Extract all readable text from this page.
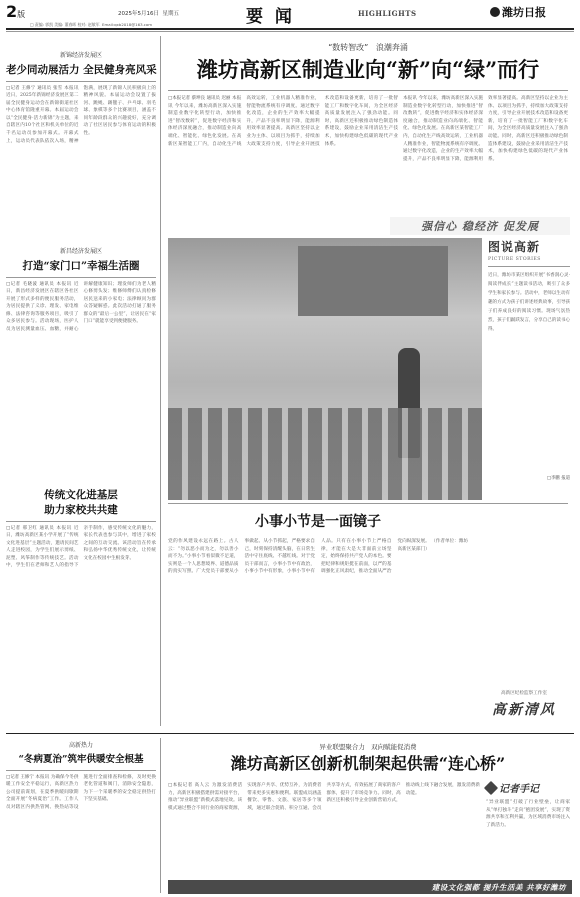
2版	2025年5月16日 星期五	要 闻	HIGHLIGHTS	潍坊日报
□ 责编: 郭凯 美编: 董春晖 校对: 赵敏军 Email:qxb2018@163.com
新锦经济发展区
老少同动展活力 全民健身亮风采
□记者 王修宁 通讯员 张雪 本报讯 近日，2025年新锦经济发展区第二届全民健身运动会在新锦街道社区中心体育馆隆重开幕。本届运动会以“全民健身·活力新锦”为主题，来自辖区内10个社区和机关单位的近千名运动员参加开幕式。开幕式上，运动员代表队依次入场，精神饱满，展现了新锦人民积极向上的精神风貌。本届运动会设置了拔河、跳绳、踢毽子、乒乓球、羽毛球、象棋等多个比赛项目，涵盖不同年龄段群众的兴趣爱好，充分调动了社区居民参与体育运动的积极性。
新昌经济发展区
打造“家门口”幸福生活圈
□记者 毛晓波 通讯员 本报讯 近日，新昌经济发展区在辖区各社区开展了形式多样的便民服务活动，为居民提供了义诊、理发、家电维修、法律咨询等服务项目，吸引了众多居民参与。活动现场，医护人员为居民测量血压、血糖，并耐心讲解健康知识；理发师们为老人精心修剪头发；维修师傅们认真检修居民送来的小家电；法律顾问为群众答疑解惑。此次活动打通了服务群众的“最后一公里”，让居民在“家门口”就能享受到便捷服务。
传统文化进基层
助力家校共共建
□记者 邢卫红 通讯员 本报讯 近日，潍坊高新区某小学开展了“传统文化进基层”主题活动，邀请民间艺人走进校园，为学生们展示剪纸、泥塑、风筝制作等传统技艺。活动中，学生们在老师和艺人的指导下亲手制作，感受传统文化的魅力，家长代表也参与其中，增进了家校之间的互动交流。该活动旨在传承和弘扬中华优秀传统文化，让传统文化在校园中生根发芽。
“数转智改” 浪潮奔涌
潍坊高新区制造业向“新”向“绿”而行
□本报记者 蔡坤良 通讯员 迟丽 本报讯 今年以来，潍坊高新区深入实施制造业数字化转型行动，加快推进“智改数转”，促进数字经济和实体经济深度融合，推动制造业向高端化、智能化、绿色化发展。在高新区某智能工厂内，自动化生产线高效运转，工业机器人精准作业，智能物流系统有序调度。通过数字化改造，企业的生产效率大幅提升，产品不良率明显下降，能源利用效率显著提高。高新区坚持以企业为主体、以项目为抓手，持续加大政策支持力度，引导企业开展技术改造和设备更新，培育了一批智能工厂和数字化车间，为全区经济高质量发展注入了强劲动能。同时，高新区还积极推动绿色制造体系建设，鼓励企业采用清洁生产技术，加快构建绿色低碳的现代产业体系。
本报讯 今年以来，潍坊高新区深入实施制造业数字化转型行动，加快推进“智改数转”，促进数字经济和实体经济深度融合，推动制造业向高端化、智能化、绿色化发展。在高新区某智能工厂内，自动化生产线高效运转，工业机器人精准作业，智能物流系统有序调度。通过数字化改造，企业的生产效率大幅提升，产品不良率明显下降，能源利用效率显著提高。高新区坚持以企业为主体、以项目为抓手，持续加大政策支持力度，引导企业开展技术改造和设备更新，培育了一批智能工厂和数字化车间，为全区经济高质量发展注入了强劲动能。同时，高新区还积极推动绿色制造体系建设，鼓励企业采用清洁生产技术，加快构建绿色低碳的现代产业体系。
强信心 稳经济 促发展
图说高新
PICTURE STORIES
近日，潍坊市某区组织开展“书香润心灵·阅读伴成长”主题读书活动，吸引了众多学生和家长参与。活动中，老师以生动有趣的方式为孩子们讲述经典故事，引导孩子们养成良好的阅读习惯。现场气氛热烈，孩子们踊跃发言，分享自己的读书心得。
□李鹏 报道
小事小节是一面镜子
党的作风建设永远在路上。古人云：“勿以恶小而为之，勿以善小而不为。”小事小节看似微不足道，实则是一个人思想境界、道德品质的真实写照。广大党员干部要从小事做起、从小节抓起，严格要求自己，时刻保持清醒头脑，在日常生活中守住底线、不越红线。对于党员干部而言，小事小节中有政治，小事小节中有形象，小事小节中有人品。只有在小事小节上严格自律，才能在大是大非面前立场坚定，始终保持共产党人的本色。要把纪律和规矩挺在前面，以严的基调强化正风肃纪，推动全面从严治党向纵深发展。 （作者单位：潍坊高新区某部门）
高新区纪检监察工作室
高新清风
高新热力
“冬病夏治”筑牢供暖安全根基
□记者 王修宁 本报讯 为确保今冬供暖工作安全平稳运行，高新区热力公司提前谋划，在夏季供暖间歇期全面开展“冬病夏治”工作。工作人员对辖区内供热管网、换热站等设施进行全面排查和检修，及时更换老化管道和阀门，消除安全隐患，为下一个采暖季的安全稳定供热打下坚实基础。
异业联盟聚合力 双向赋能促消费
潍坊高新区创新机制架起供需“连心桥”
□本报记者 高人云 为激发消费活力，高新区积极搭建供需对接平台，推动“异业联盟”新模式落地见效。该模式通过整合不同行业的商家资源，实现客户共享、优势互补，为消费者带来更多实惠和便利。联盟成员涵盖餐饮、零售、文旅、家居等多个领域，通过联合促销、积分互通、会员共享等方式，有效拓展了商家的客户群体，提升了市场竞争力。同时，高新区还积极引导企业创新营销方式，推动线上线下融合发展，激发消费新动能。	记者手记
“异业联盟”打破了行业壁垒，让商家从“单打独斗”走向“抱团发展”，实现了资源共享和互利共赢，为区域消费市场注入了新活力。
建设文化强都 提升生活美 共享好潍坊
